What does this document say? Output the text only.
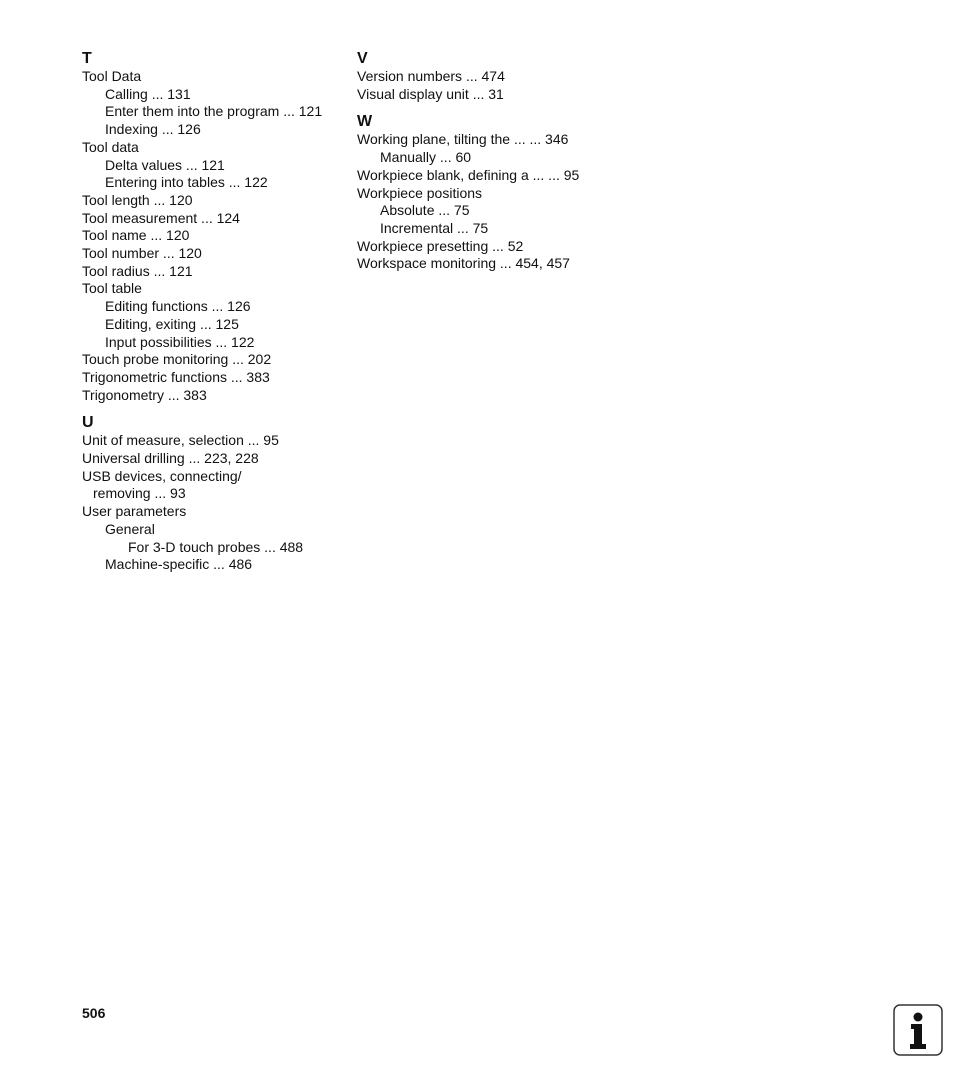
T
Tool Data
Calling ... 131
Enter them into the program ... 121
Indexing ... 126
Tool data
Delta values ... 121
Entering into tables ... 122
Tool length ... 120
Tool measurement ... 124
Tool name ... 120
Tool number ... 120
Tool radius ... 121
Tool table
Editing functions ... 126
Editing, exiting ... 125
Input possibilities ... 122
Touch probe monitoring ... 202
Trigonometric functions ... 383
Trigonometry ... 383
U
Unit of measure, selection ... 95
Universal drilling ... 223, 228
USB devices, connecting/
removing ... 93
User parameters
General
For 3-D touch probes ... 488
Machine-specific ... 486
V
Version numbers ... 474
Visual display unit ... 31
W
Working plane, tilting the ... ... 346
Manually ... 60
Workpiece blank, defining a ... ... 95
Workpiece positions
Absolute ... 75
Incremental ... 75
Workpiece presetting ... 52
Workspace monitoring ... 454, 457
506
